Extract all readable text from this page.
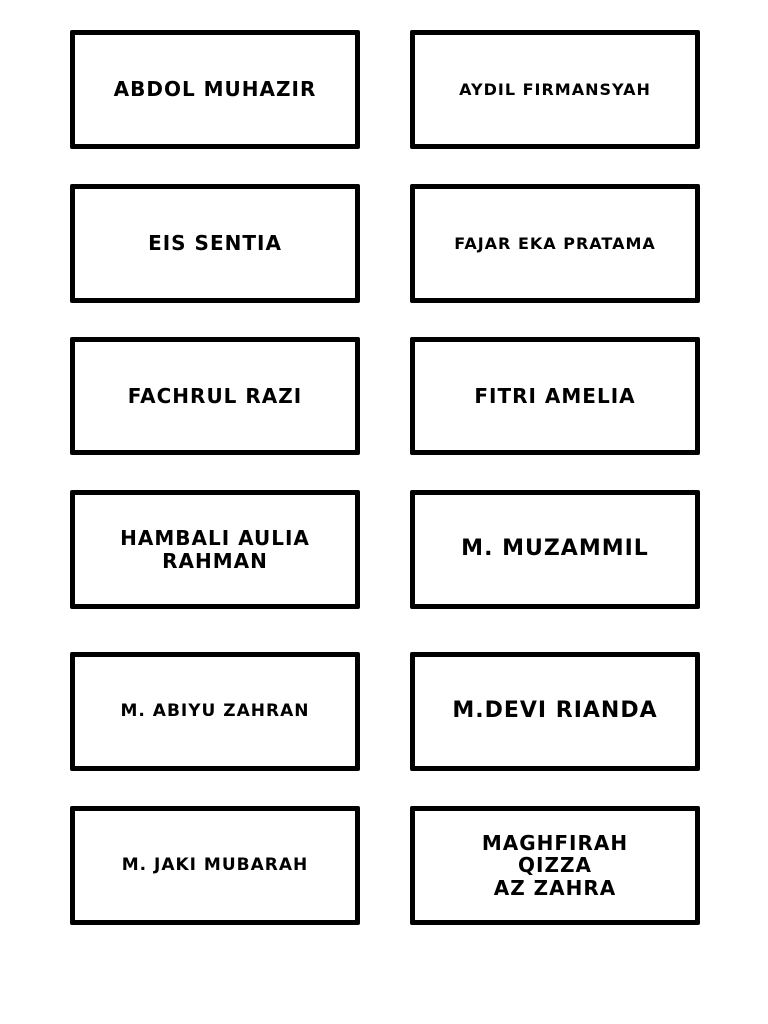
ABDOL MUHAZIR	AYDIL FIRMANSYAH
EIS SENTIA	FAJAR EKA PRATAMA
FACHRUL RAZI	FITRI AMELIA
HAMBALI AULIA
RAHMAN	M. MUZAMMIL
M. ABIYU ZAHRAN	M.DEVI RIANDA
M. JAKI MUBARAH
MAGHFIRAH
QIZZA
AZ ZAHRA
